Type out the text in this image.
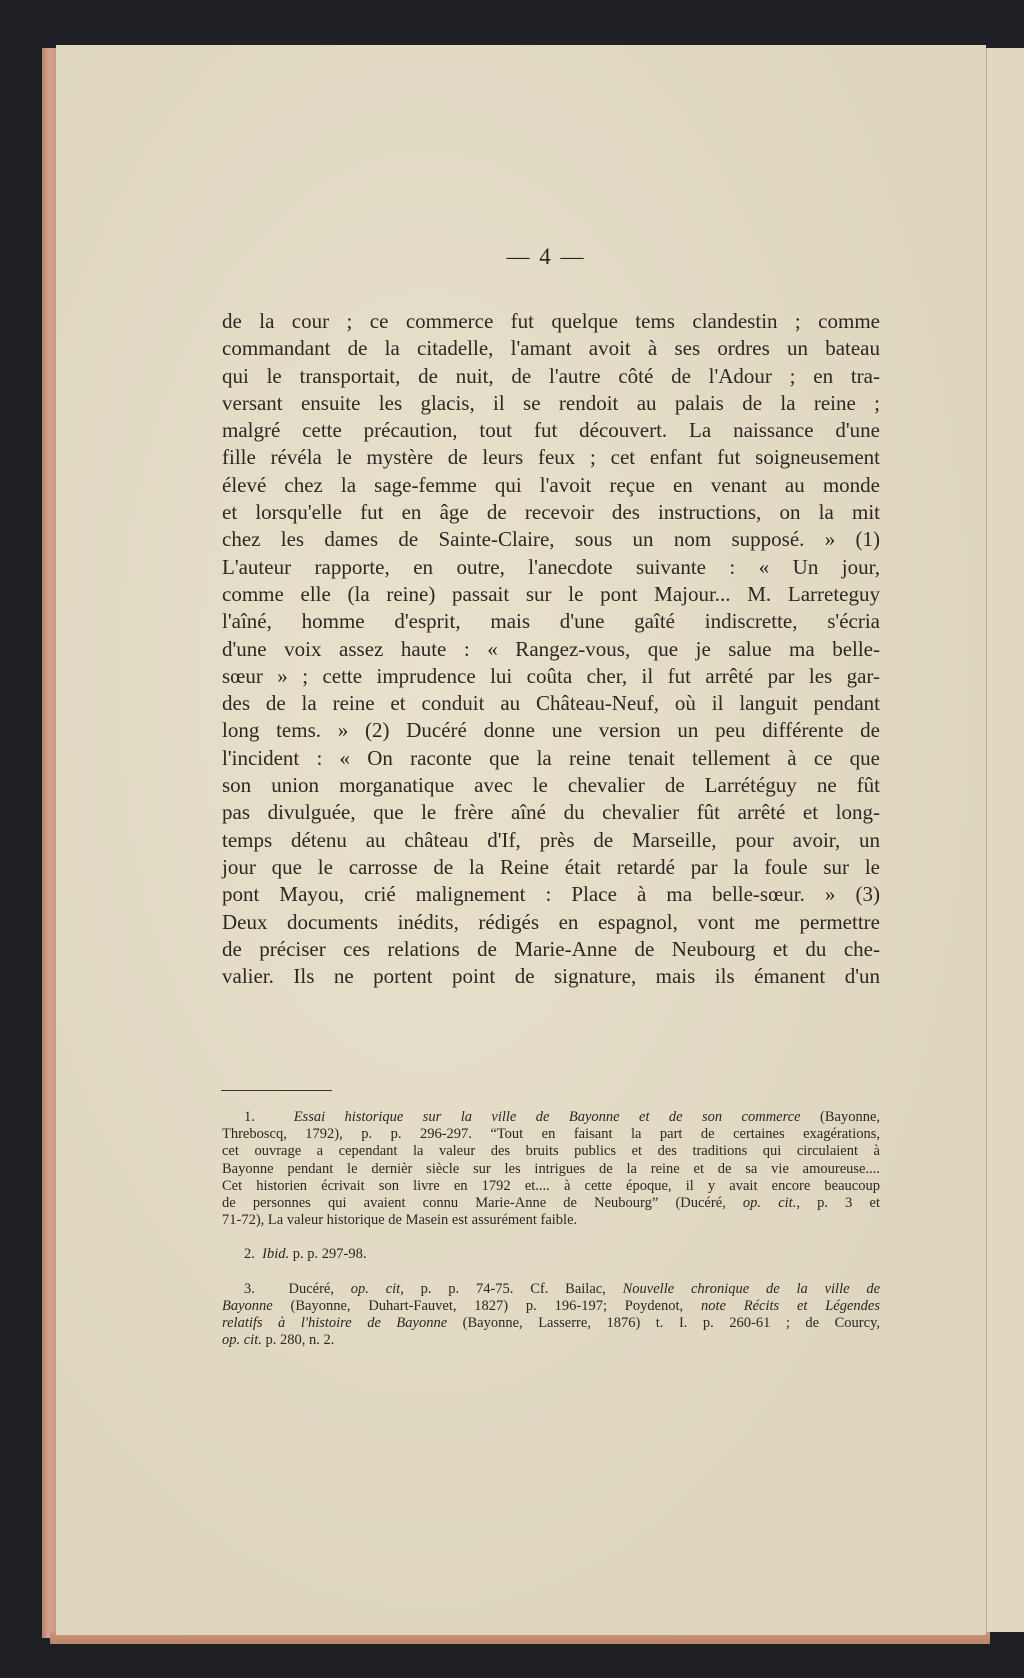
— 4 —
de la cour ; ce commerce fut quelque tems clandestin ; comme
commandant de la citadelle, l'amant avoit à ses ordres un bateau
qui le transportait, de nuit, de l'autre côté de l'Adour ; en tra-
versant ensuite les glacis, il se rendoit au palais de la reine ;
malgré cette précaution, tout fut découvert. La naissance d'une
fille révéla le mystère de leurs feux ; cet enfant fut soigneusement
élevé chez la sage-femme qui l'avoit reçue en venant au monde
et lorsqu'elle fut en âge de recevoir des instructions, on la mit
chez les dames de Sainte-Claire, sous un nom supposé. » (1)
L'auteur rapporte, en outre, l'anecdote suivante : « Un jour,
comme elle (la reine) passait sur le pont Majour... M. Larreteguy
l'aîné, homme d'esprit, mais d'une gaîté indiscrette, s'écria
d'une voix assez haute : « Rangez-vous, que je salue ma belle-
sœur » ; cette imprudence lui coûta cher, il fut arrêté par les gar-
des de la reine et conduit au Château-Neuf, où il languit pendant
long tems. » (2) Ducéré donne une version un peu différente de
l'incident : « On raconte que la reine tenait tellement à ce que
son union morganatique avec le chevalier de Larrétéguy ne fût
pas divulguée, que le frère aîné du chevalier fût arrêté et long-
temps détenu au château d'If, près de Marseille, pour avoir, un
jour que le carrosse de la Reine était retardé par la foule sur le
pont Mayou, crié malignement : Place à ma belle-sœur. » (3)
Deux documents inédits, rédigés en espagnol, vont me permettre
de préciser ces relations de Marie-Anne de Neubourg et du che-
valier. Ils ne portent point de signature, mais ils émanent d'un
1.  Essai historique sur la ville de Bayonne et de son commerce (Bayonne,
Threboscq, 1792), p. p. 296-297. “Tout en faisant la part de certaines exagérations,
cet ouvrage a cependant la valeur des bruits publics et des traditions qui circulaient à
Bayonne pendant le dernièr siècle sur les intrigues de la reine et de sa vie amoureuse....
Cet historien écrivait son livre en 1792 et.... à cette époque, il y avait encore beaucoup
de personnes qui avaient connu Marie-Anne de Neubourg” (Ducéré, op. cit., p. 3 et
71-72), La valeur historique de Masein est assurément faible.
2.  Ibid. p. p. 297-98.
3.  Ducéré, op. cit, p. p. 74-75. Cf. Bailac, Nouvelle chronique de la ville de
Bayonne (Bayonne, Duhart-Fauvet, 1827) p. 196-197; Poydenot, note Récits et Légendes
relatifs à l'histoire de Bayonne (Bayonne, Lasserre, 1876) t. I. p. 260-61 ; de Courcy,
op. cit. p. 280, n. 2.
